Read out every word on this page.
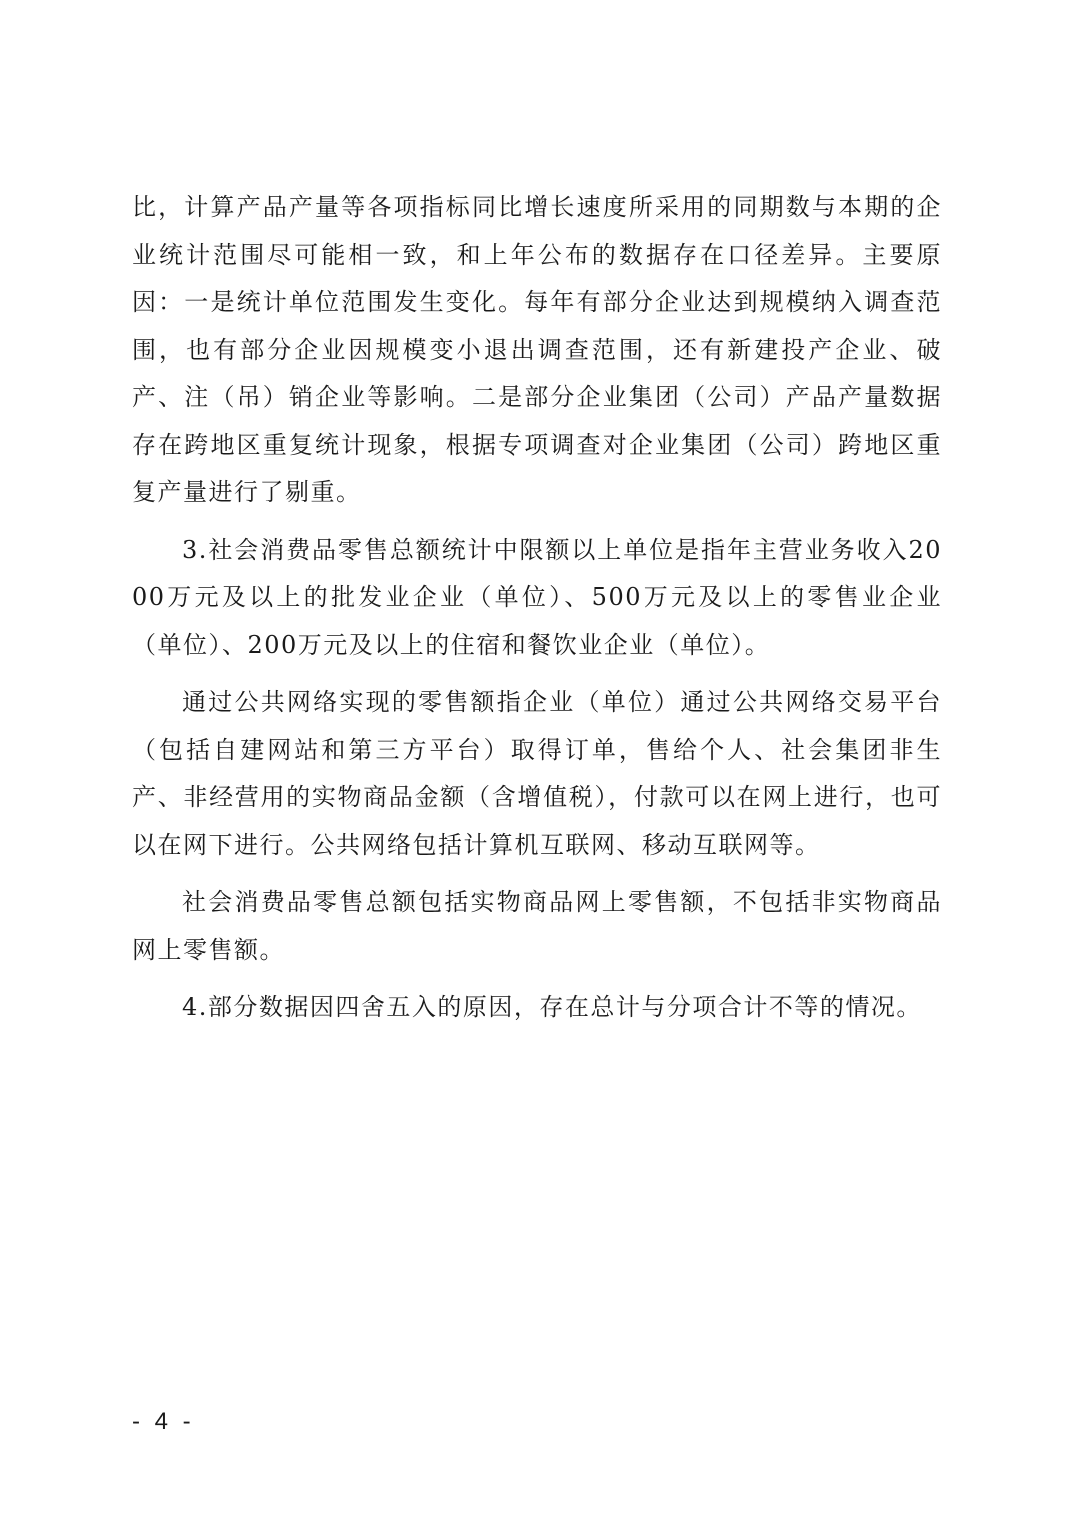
比，计算产品产量等各项指标同比增长速度所采用的同期数与本期的企业统计范围尽可能相一致，和上年公布的数据存在口径差异。主要原因：一是统计单位范围发生变化。每年有部分企业达到规模纳入调查范围，也有部分企业因规模变小退出调查范围，还有新建投产企业、破产、注（吊）销企业等影响。二是部分企业集团（公司）产品产量数据存在跨地区重复统计现象，根据专项调查对企业集团（公司）跨地区重复产量进行了剔重。

3.社会消费品零售总额统计中限额以上单位是指年主营业务收入2000万元及以上的批发业企业（单位）、500万元及以上的零售业企业（单位）、200万元及以上的住宿和餐饮业企业（单位）。

通过公共网络实现的零售额指企业（单位）通过公共网络交易平台（包括自建网站和第三方平台）取得订单，售给个人、社会集团非生产、非经营用的实物商品金额（含增值税），付款可以在网上进行，也可以在网下进行。公共网络包括计算机互联网、移动互联网等。

社会消费品零售总额包括实物商品网上零售额，不包括非实物商品网上零售额。

4.部分数据因四舍五入的原因，存在总计与分项合计不等的情况。

- 4 -
